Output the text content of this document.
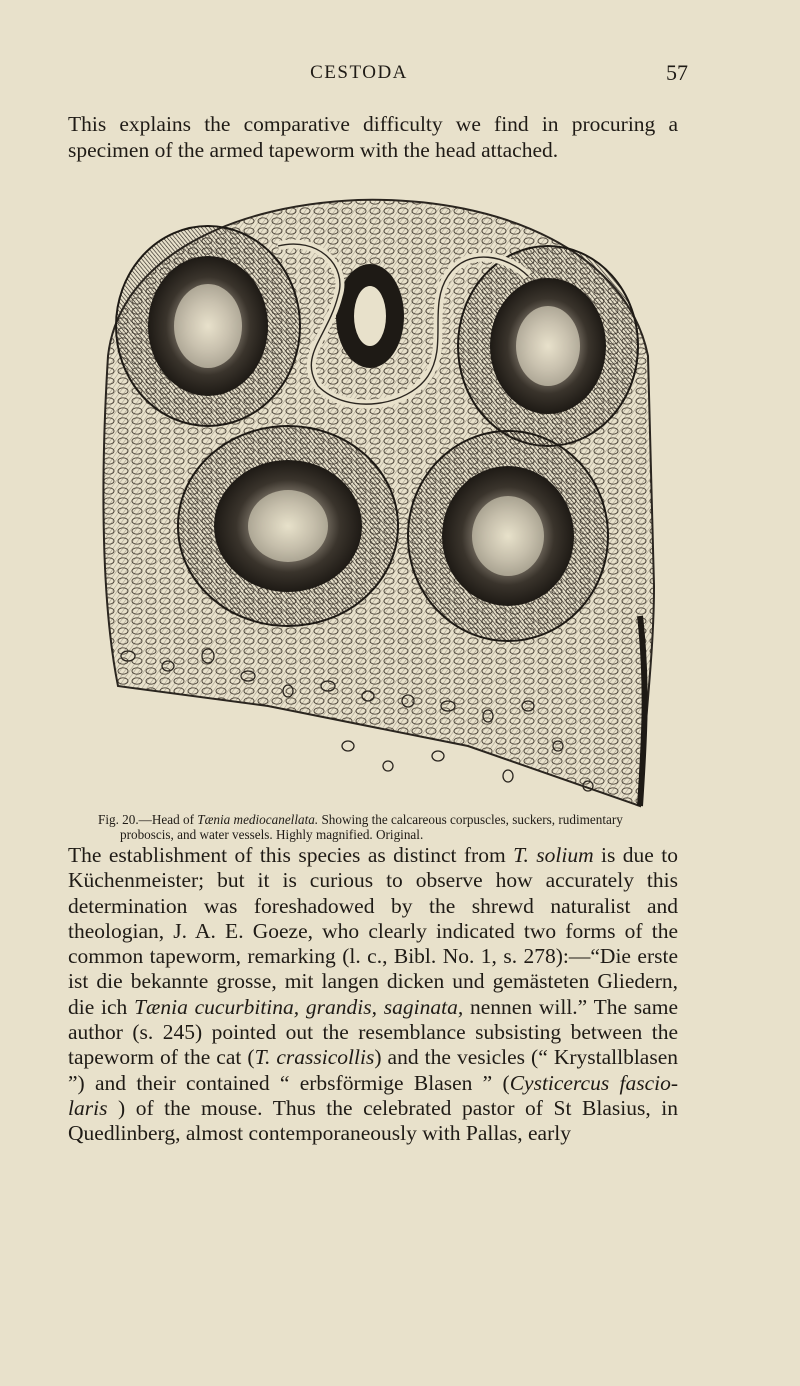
CESTODA	57

This explains the comparative difficulty we find in procuring a specimen of the armed tapeworm with the head attached.

Fig. 20.—Head of Tænia mediocanellata. Showing the calcareous corpuscles, suckers, rudimentary
proboscis, and water vessels. Highly magnified. Original.

The establishment of this species as distinct from T. solium is due to Küchenmeister; but it is curious to observe how accurately this determination was foreshadowed by the shrewd naturalist and theologian, J. A. E. Goeze, who clearly indicated two forms of the common tapeworm, remarking (l. c., Bibl. No. 1, s. 278):—“Die erste ist die bekannte grosse, mit langen dicken und gemästeten Gliedern, die ich Tænia cucurbitina, grandis, saginata, nennen will.” The same author (s. 245) pointed out the resemblance subsisting between the tapeworm of the cat (T. crassicollis) and the vesicles (“ Krystallblasen ”) and their contained “ erbsförmige Blasen ” (Cysticercus fascio- laris ) of the mouse. Thus the celebrated pastor of St Blasius, in Quedlinberg, almost contemporaneously with Pallas, early
